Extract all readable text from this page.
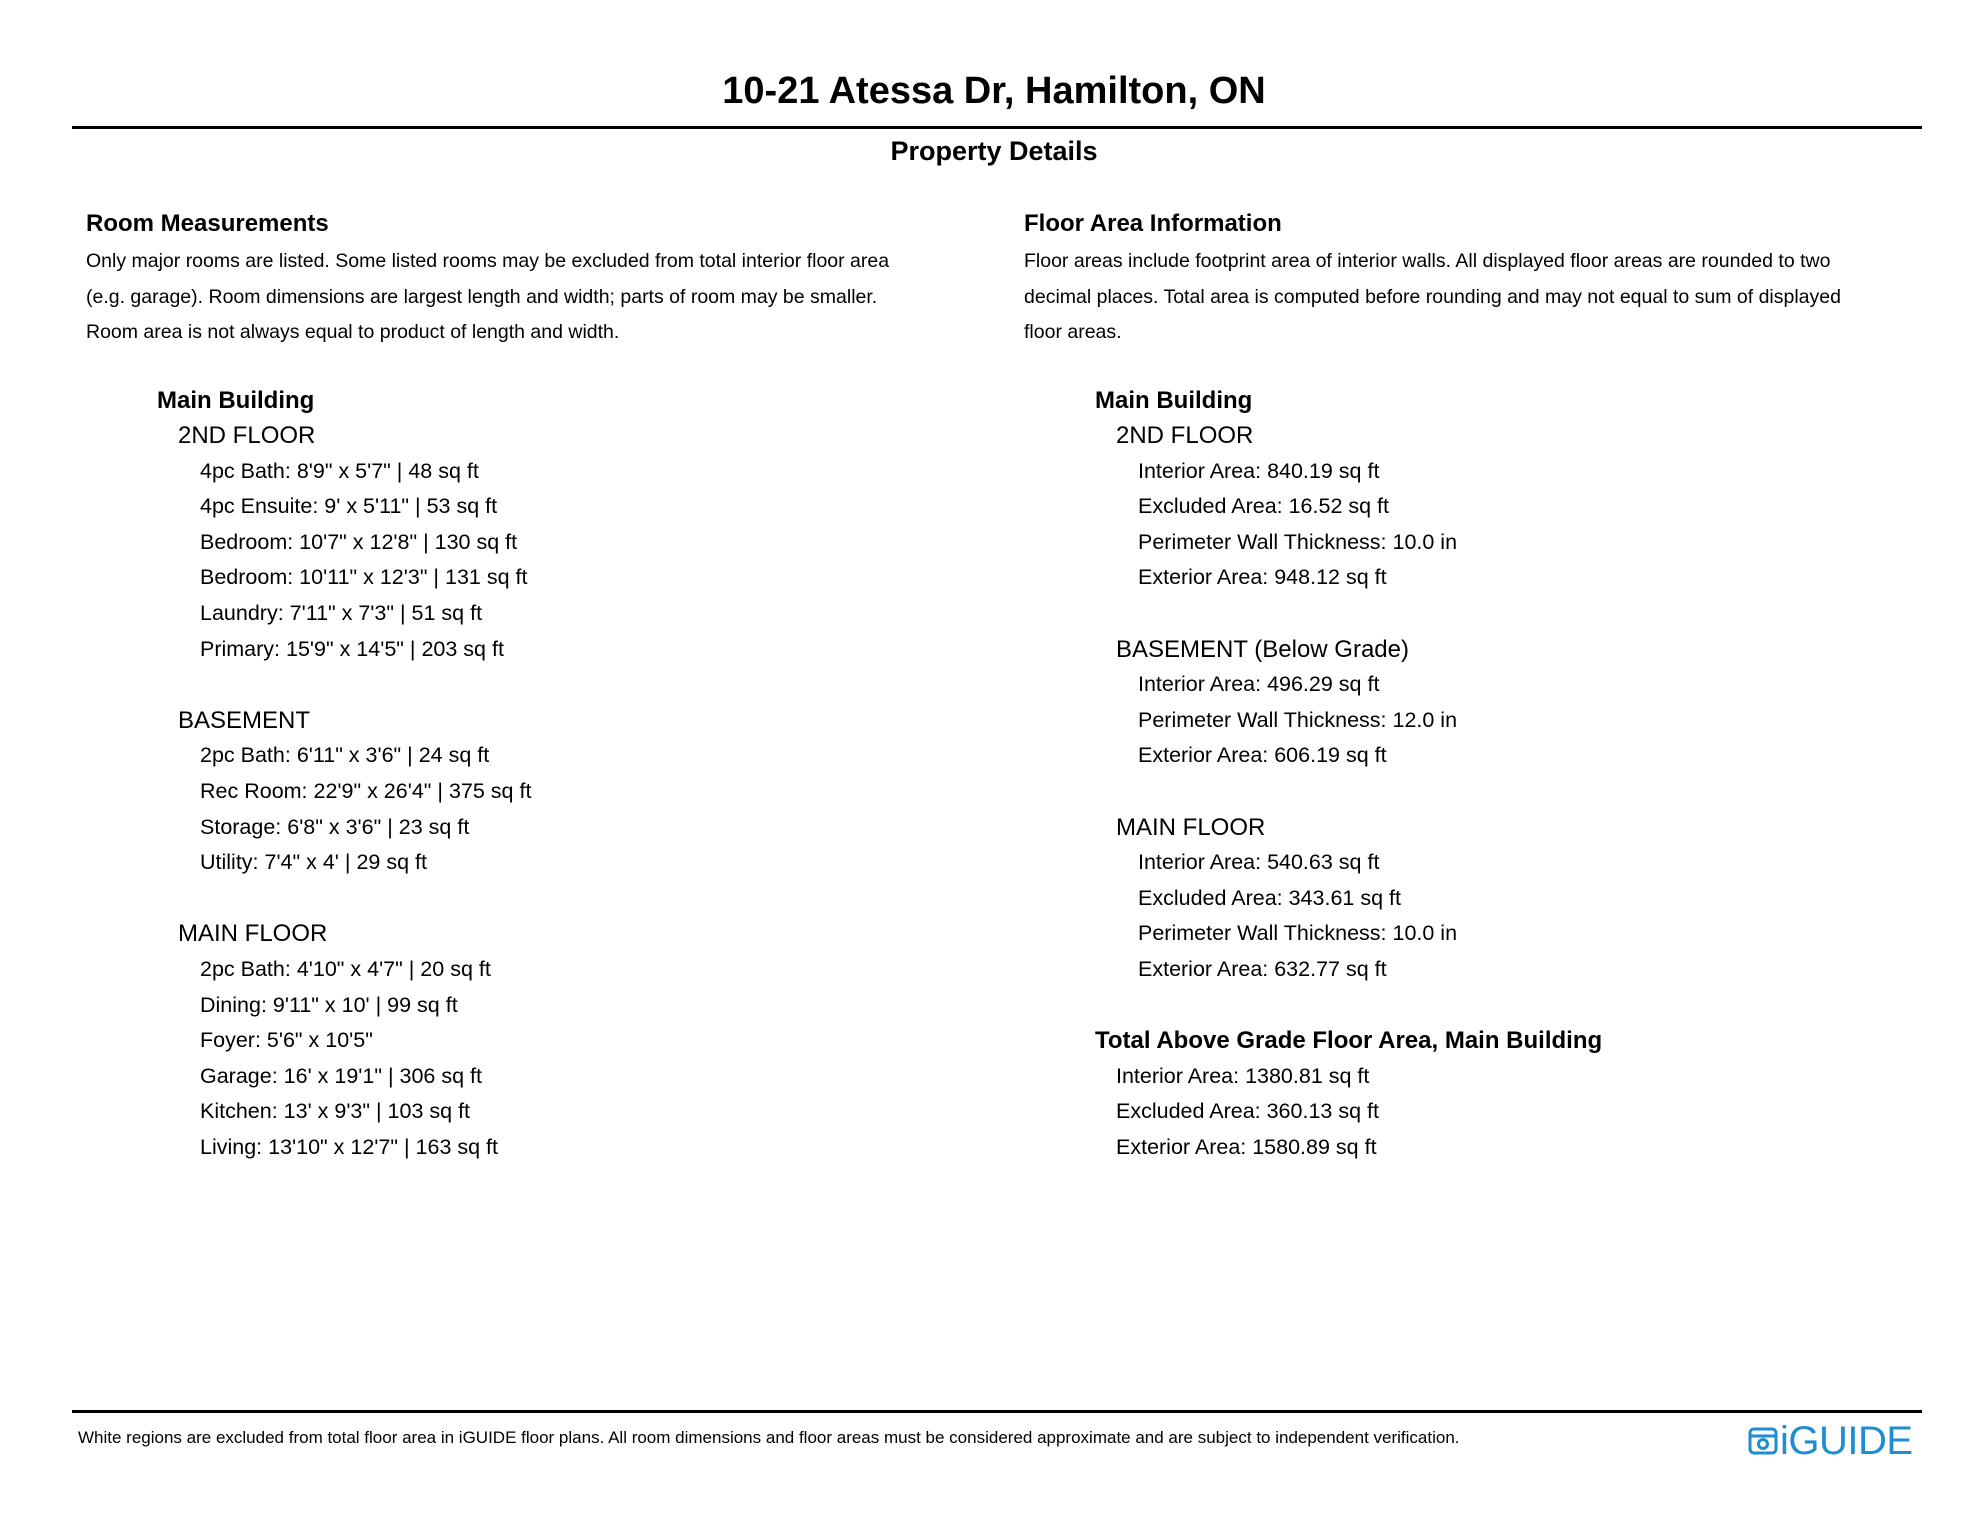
10-21 Atessa Dr, Hamilton, ON
Property Details
Room Measurements
Only major rooms are listed. Some listed rooms may be excluded from total interior floor area
(e.g. garage). Room dimensions are largest length and width; parts of room may be smaller.
Room area is not always equal to product of length and width.
Main Building
2ND FLOOR
4pc Bath: 8'9" x 5'7" | 48 sq ft
4pc Ensuite: 9' x 5'11" | 53 sq ft
Bedroom: 10'7" x 12'8" | 130 sq ft
Bedroom: 10'11" x 12'3" | 131 sq ft
Laundry: 7'11" x 7'3" | 51 sq ft
Primary: 15'9" x 14'5" | 203 sq ft
BASEMENT
2pc Bath: 6'11" x 3'6" | 24 sq ft
Rec Room: 22'9" x 26'4" | 375 sq ft
Storage: 6'8" x 3'6" | 23 sq ft
Utility: 7'4" x 4' | 29 sq ft
MAIN FLOOR
2pc Bath: 4'10" x 4'7" | 20 sq ft
Dining: 9'11" x 10' | 99 sq ft
Foyer: 5'6" x 10'5"
Garage: 16' x 19'1" | 306 sq ft
Kitchen: 13' x 9'3" | 103 sq ft
Living: 13'10" x 12'7" | 163 sq ft
Floor Area Information
Floor areas include footprint area of interior walls. All displayed floor areas are rounded to two
decimal places. Total area is computed before rounding and may not equal to sum of displayed
floor areas.
Main Building
2ND FLOOR
Interior Area: 840.19 sq ft
Excluded Area: 16.52 sq ft
Perimeter Wall Thickness: 10.0 in
Exterior Area: 948.12 sq ft
BASEMENT (Below Grade)
Interior Area: 496.29 sq ft
Perimeter Wall Thickness: 12.0 in
Exterior Area: 606.19 sq ft
MAIN FLOOR
Interior Area: 540.63 sq ft
Excluded Area: 343.61 sq ft
Perimeter Wall Thickness: 10.0 in
Exterior Area: 632.77 sq ft
Total Above Grade Floor Area, Main Building
Interior Area: 1380.81 sq ft
Excluded Area: 360.13 sq ft
Exterior Area: 1580.89 sq ft
White regions are excluded from total floor area in iGUIDE floor plans. All room dimensions and floor areas must be considered approximate and are subject to independent verification.	iGUIDE
